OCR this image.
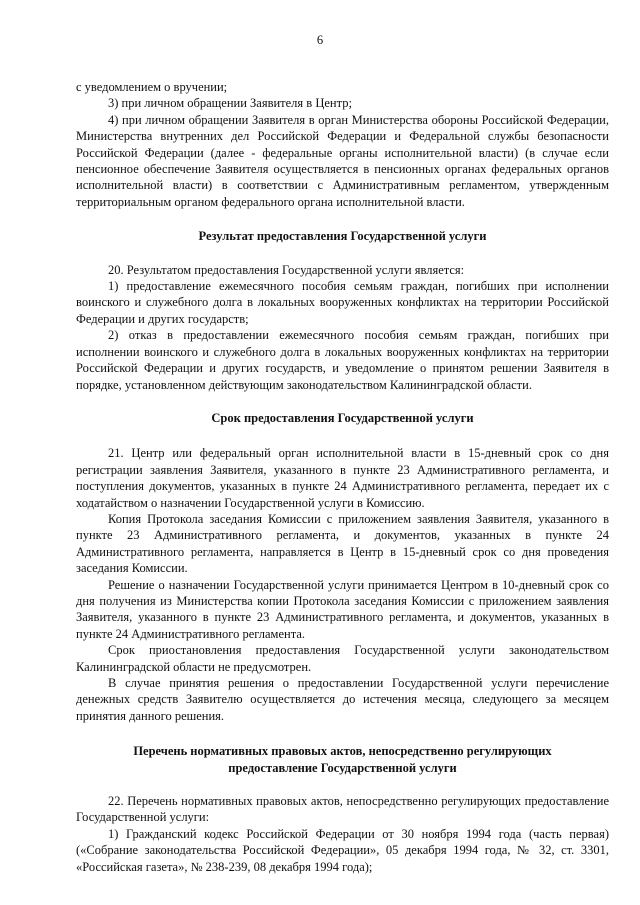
6

с уведомлением о вручении;

3) при личном обращении Заявителя в Центр;

4) при личном обращении Заявителя в орган Министерства обороны Российской Федерации, Министерства внутренних дел Российской Федерации и Федеральной службы безопасности Российской Федерации (далее - федеральные органы исполнительной власти) (в случае если пенсионное обеспечение Заявителя осуществляется в пенсионных органах федеральных органов исполнительной власти) в соответствии с Административным регламентом, утвержденным территориальным органом федерального органа исполнительной власти.

Результат предоставления Государственной услуги

20. Результатом предоставления Государственной услуги является:

1) предоставление ежемесячного пособия семьям граждан, погибших при исполнении воинского и служебного долга в локальных вооруженных конфликтах на территории Российской Федерации и других государств;

2) отказ в предоставлении ежемесячного пособия семьям граждан, погибших при исполнении воинского и служебного долга в локальных вооруженных конфликтах на территории Российской Федерации и других государств, и уведомление о принятом решении Заявителя в порядке, установленном действующим законодательством Калининградской области.

Срок предоставления Государственной услуги

21. Центр или федеральный орган исполнительной власти в 15-дневный срок со дня регистрации заявления Заявителя, указанного в пункте 23 Административного регламента, и поступления документов, указанных в пункте 24 Административного регламента, передает их с ходатайством о назначении Государственной услуги в Комиссию.

Копия Протокола заседания Комиссии с приложением заявления Заявителя, указанного в пункте 23 Административного регламента, и документов, указанных в пункте 24 Административного регламента, направляется в Центр в 15-дневный срок со дня проведения заседания Комиссии.

Решение о назначении Государственной услуги принимается Центром в 10-дневный срок со дня получения из Министерства копии Протокола заседания Комиссии с приложением заявления Заявителя, указанного в пункте 23 Административного регламента, и документов, указанных в пункте 24 Административного регламента.

Срок приостановления предоставления Государственной услуги законодательством Калининградской области не предусмотрен.

В случае принятия решения о предоставлении Государственной услуги перечисление денежных средств Заявителю осуществляется до истечения месяца, следующего за месяцем принятия данного решения.

Перечень нормативных правовых актов, непосредственно регулирующих
предоставление Государственной услуги

22. Перечень нормативных правовых актов, непосредственно регулирующих предоставление Государственной услуги:

1) Гражданский кодекс Российской Федерации от 30 ноября 1994 года (часть первая) («Собрание законодательства Российской Федерации», 05 декабря 1994 года, № 32, ст. 3301, «Российская газета», № 238-239, 08 декабря 1994 года);
